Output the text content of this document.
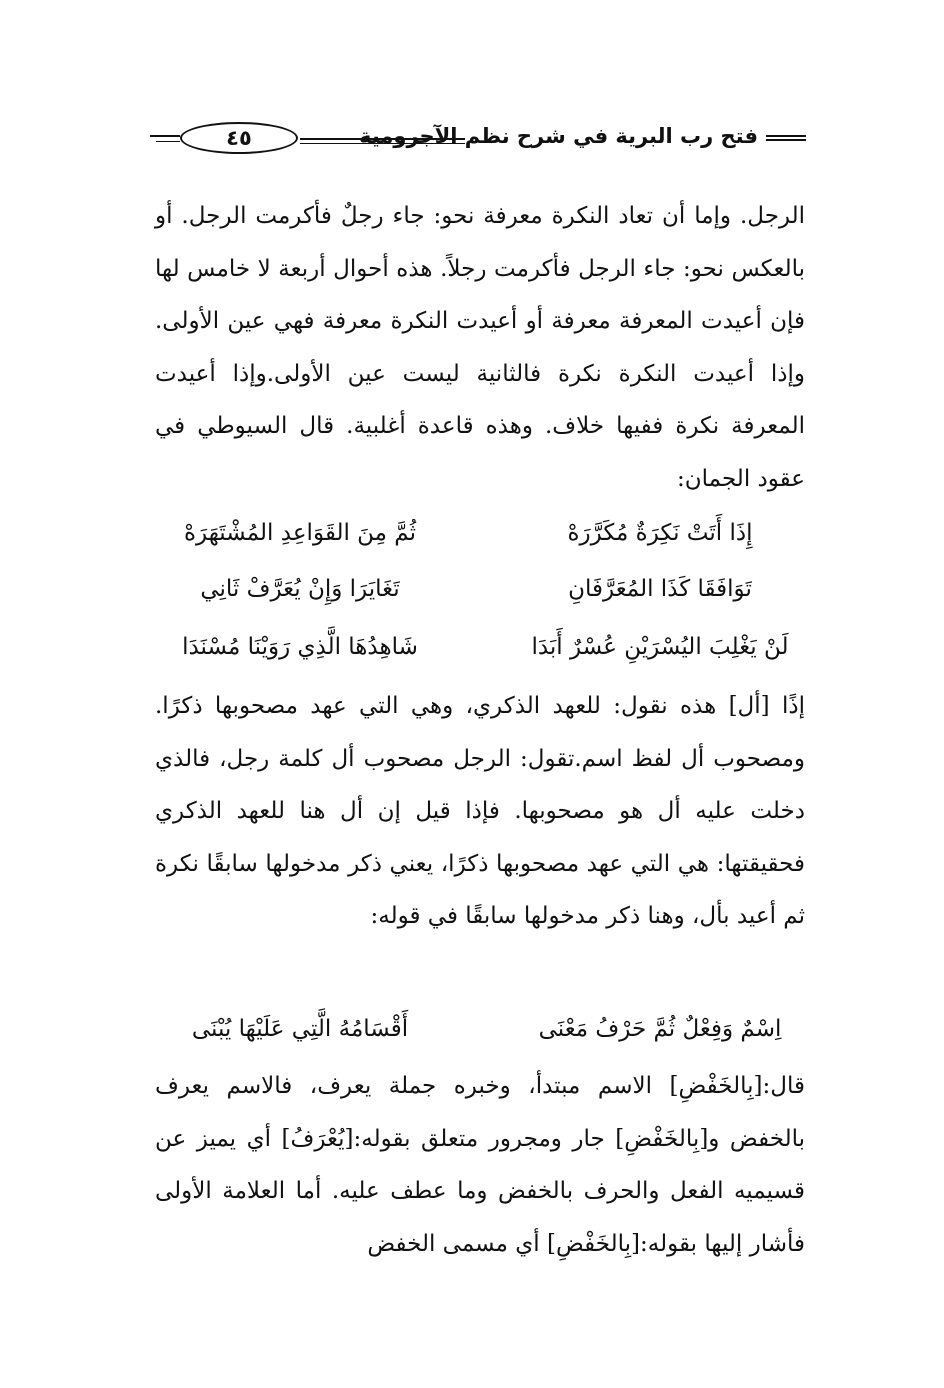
فتح رب البرية في شرح نظم الآجرومية
٤٥
الرجل. وإما أن تعاد النكرة معرفة نحو: جاء رجلٌ فأكرمت الرجل. أو بالعكس نحو: جاء الرجل فأكرمت رجلاً. هذه أحوال أربعة لا خامس لها فإن أعيدت المعرفة معرفة أو أعيدت النكرة معرفة فهي عين الأولى. وإذا أعيدت النكرة نكرة فالثانية ليست عين الأولى.وإذا أعيدت المعرفة نكرة ففيها خلاف. وهذه قاعدة أغلبية. قال السيوطي في عقود الجمان:
إِذَا أَتَتْ نَكِرَةٌ مُكَرَّرَهْ
ثُمَّ مِنَ القَوَاعِدِ المُشْتَهَرَهْ
تَوَافَقَا كَذَا المُعَرَّفَانِ
تَغَايَرَا وَإِنْ يُعَرَّفْ ثَانِي
لَنْ يَغْلِبَ اليُسْرَيْنِ عُسْرٌ أَبَدَا
شَاهِدُهَا الَّذِي رَوَيْنَا مُسْنَدَا
إذًا [أل] هذه نقول: للعهد الذكري، وهي التي عهد مصحوبها ذكرًا. ومصحوب أل لفظ اسم.تقول: الرجل مصحوب أل كلمة رجل، فالذي دخلت عليه أل هو مصحوبها. فإذا قيل إن أل هنا للعهد الذكري فحقيقتها: هي التي عهد مصحوبها ذكرًا، يعني ذكر مدخولها سابقًا نكرة ثم أعيد بأل، وهنا ذكر مدخولها سابقًا في قوله:
اِسْمٌ وَفِعْلٌ ثُمَّ حَرْفُ مَعْنَى
أَقْسَامُهُ الَّتِي عَلَيْهَا يُبْنَى
قال:[بِالخَفْضِ] الاسم مبتدأ، وخبره جملة يعرف، فالاسم يعرف بالخفض و[بِالخَفْضِ] جار ومجرور متعلق بقوله:[يُعْرَفُ] أي يميز عن قسيميه الفعل والحرف بالخفض وما عطف عليه. أما العلامة الأولى فأشار إليها بقوله:[بِالخَفْضِ] أي مسمى الخفض
